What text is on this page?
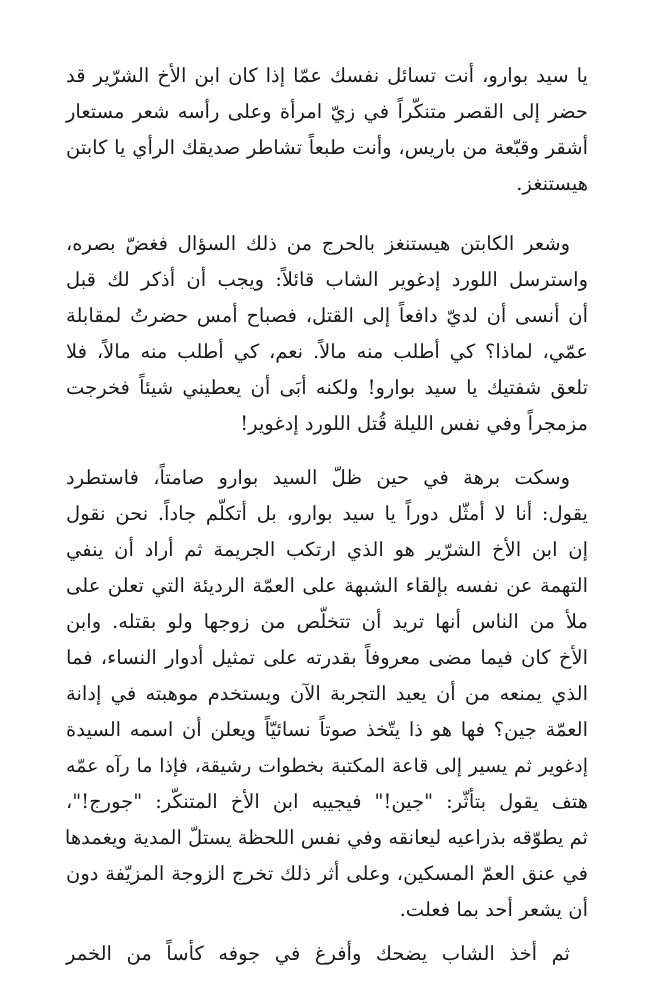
يا سيد بوارو، أنت تسائل نفسك عمّا إذا كان ابن الأخ الشرّير قد
حضر إلى القصر متنكّراً في زيّ امرأة وعلى رأسه شعر مستعار
أشقر وقبّعة من باريس، وأنت طبعاً تشاطر صديقك الرأي يا كابتن
هيستنغز.
وشعر الكابتن هيستنغز بالحرج من ذلك السؤال فغضّ بصره،
واسترسل اللورد إدغوير الشاب قائلاً: ويجب أن أذكر لك قبل
أن أنسى أن لديّ دافعاً إلى القتل، فصباح أمس حضرتُ لمقابلة
عمّي، لماذا؟ كي أطلب منه مالاً. نعم، كي أطلب منه مالاً، فلا
تلعق شفتيك يا سيد بوارو! ولكنه أبَى أن يعطيني شيئاً فخرجت
مزمجراً وفي نفس الليلة قُتل اللورد إدغوير!
وسكت برهة في حين ظلّ السيد بوارو صامتاً، فاستطرد
يقول: أنا لا أمثّل دوراً يا سيد بوارو، بل أتكلّم جاداً. نحن نقول
إن ابن الأخ الشرّير هو الذي ارتكب الجريمة ثم أراد أن ينفي
التهمة عن نفسه بإلقاء الشبهة على العمّة الرديئة التي تعلن على
ملأ من الناس أنها تريد أن تتخلّص من زوجها ولو بقتله. وابن
الأخ كان فيما مضى معروفاً بقدرته على تمثيل أدوار النساء، فما
الذي يمنعه من أن يعيد التجربة الآن ويستخدم موهبته في إدانة
العمّة جين؟ فها هو ذا يتّخذ صوتاً نسائيّاً ويعلن أن اسمه السيدة
إدغوير ثم يسير إلى قاعة المكتبة بخطوات رشيقة، فإذا ما رآه عمّه
هتف يقول بتأثّر: "جين!" فيجيبه ابن الأخ المتنكّر: "جورج!"،
ثم يطوّقه بذراعيه ليعانقه وفي نفس اللحظة يستلّ المدية ويغمدها
في عنق العمّ المسكين، وعلى أثر ذلك تخرج الزوجة المزيّفة دون
أن يشعر أحد بما فعلت.
ثم أخذ الشاب يضحك وأفرغ في جوفه كأساً من الخمر
